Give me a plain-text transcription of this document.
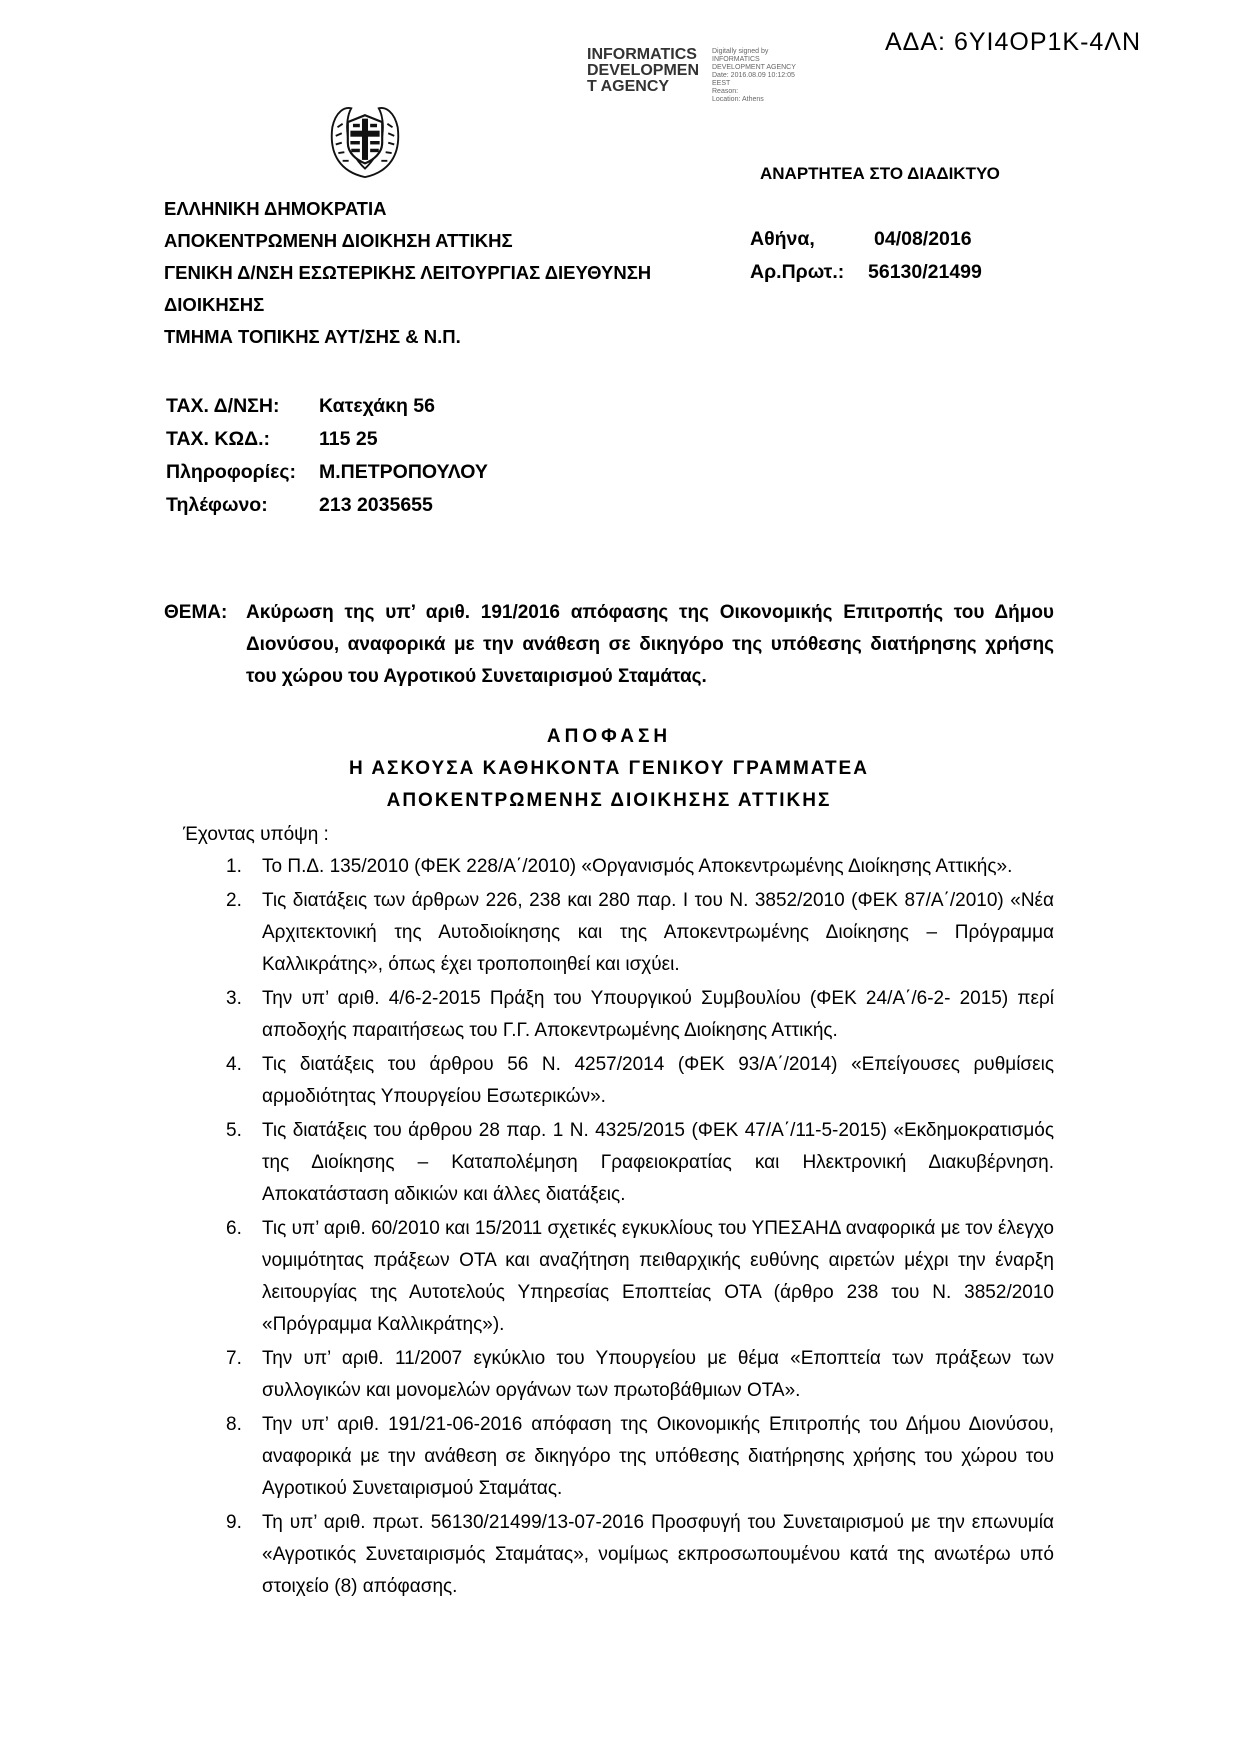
ΑΔΑ: 6ΥΙ4ΟΡ1Κ-4ΛΝ
INFORMATICS
DEVELOPMEN
T AGENCY
Digitally signed by
INFORMATICS
DEVELOPMENT AGENCY
Date: 2016.08.09 10:12:05
EEST
Reason:
Location: Athens
ΑΝΑΡΤΗΤΕΑ ΣΤΟ ΔΙΑΔΙΚΤΥΟ
ΕΛΛΗΝΙΚΗ ΔΗΜΟΚΡΑΤΙΑ
ΑΠΟΚΕΝΤΡΩΜΕΝΗ ΔΙΟΙΚΗΣΗ ΑΤΤΙΚΗΣ
ΓΕΝΙΚΗ Δ/ΝΣΗ ΕΣΩΤΕΡΙΚΗΣ ΛΕΙΤΟΥΡΓΙΑΣ ΔΙΕΥΘΥΝΣΗ
ΔΙΟΙΚΗΣΗΣ
ΤΜΗΜΑ ΤΟΠΙΚΗΣ ΑΥΤ/ΣΗΣ & Ν.Π.
Αθήνα,	04/08/2016
Αρ.Πρωτ.: 56130/21499
ΤΑΧ. Δ/ΝΣΗ: Κατεχάκη 56
ΤΑΧ. ΚΩΔ.:	115 25
Πληροφορίες: Μ.ΠΕΤΡΟΠΟΥΛΟΥ
Τηλέφωνο:	213 2035655
ΘΕΜΑ: Ακύρωση της υπ’ αριθ. 191/2016 απόφασης της Οικονομικής Επιτροπής του Δήμου Διονύσου, αναφορικά με την ανάθεση σε δικηγόρο της υπόθεσης διατήρησης χρήσης του χώρου του Αγροτικού Συνεταιρισμού Σταμάτας.
ΑΠΟΦΑΣΗ
Η ΑΣΚΟΥΣΑ ΚΑΘΗΚΟΝΤΑ ΓΕΝΙΚΟΥ ΓΡΑΜΜΑΤΕΑ
ΑΠΟΚΕΝΤΡΩΜΕΝΗΣ ΔΙΟΙΚΗΣΗΣ ΑΤΤΙΚΗΣ
Έχοντας υπόψη :
1. Το Π.Δ. 135/2010 (ΦΕΚ 228/Α΄/2010) «Οργανισμός Αποκεντρωμένης Διοίκησης Αττικής».
2. Τις διατάξεις των άρθρων 226, 238 και 280 παρ. Ι του Ν. 3852/2010 (ΦΕΚ 87/Α΄/2010) «Νέα Αρχιτεκτονική της Αυτοδιοίκησης και της Αποκεντρωμένης Διοίκησης – Πρόγραμμα Καλλικράτης», όπως έχει τροποποιηθεί και ισχύει.
3. Την υπ’ αριθ. 4/6-2-2015 Πράξη του Υπουργικού Συμβουλίου (ΦΕΚ 24/Α΄/6-2- 2015) περί αποδοχής παραιτήσεως του Γ.Γ. Αποκεντρωμένης Διοίκησης Αττικής.
4. Τις διατάξεις του άρθρου 56 Ν. 4257/2014 (ΦΕΚ 93/Α΄/2014) «Επείγουσες ρυθμίσεις αρμοδιότητας Υπουργείου Εσωτερικών».
5. Τις διατάξεις του άρθρου 28 παρ. 1 Ν. 4325/2015 (ΦΕΚ 47/Α΄/11-5-2015) «Εκδημοκρατισμός της Διοίκησης – Καταπολέμηση Γραφειοκρατίας και Ηλεκτρονική Διακυβέρνηση. Αποκατάσταση αδικιών και άλλες διατάξεις.
6. Τις υπ’ αριθ. 60/2010 και 15/2011 σχετικές εγκυκλίους του ΥΠΕΣΑΗΔ αναφορικά με τον έλεγχο νομιμότητας πράξεων ΟΤΑ και αναζήτηση πειθαρχικής ευθύνης αιρετών μέχρι την έναρξη λειτουργίας της Αυτοτελούς Υπηρεσίας Εποπτείας ΟΤΑ (άρθρο 238 του Ν. 3852/2010 «Πρόγραμμα Καλλικράτης»).
7. Την υπ’ αριθ. 11/2007 εγκύκλιο του Υπουργείου με θέμα «Εποπτεία των πράξεων των συλλογικών και μονομελών οργάνων των πρωτοβάθμιων ΟΤΑ».
8. Την υπ’ αριθ. 191/21-06-2016 απόφαση της Οικονομικής Επιτροπής του Δήμου Διονύσου, αναφορικά με την ανάθεση σε δικηγόρο της υπόθεσης διατήρησης χρήσης του χώρου του Αγροτικού Συνεταιρισμού Σταμάτας.
9. Τη υπ’ αριθ. πρωτ. 56130/21499/13-07-2016 Προσφυγή του Συνεταιρισμού με την επωνυμία «Αγροτικός Συνεταιρισμός Σταμάτας», νομίμως εκπροσωπουμένου κατά της ανωτέρω υπό στοιχείο (8) απόφασης.
